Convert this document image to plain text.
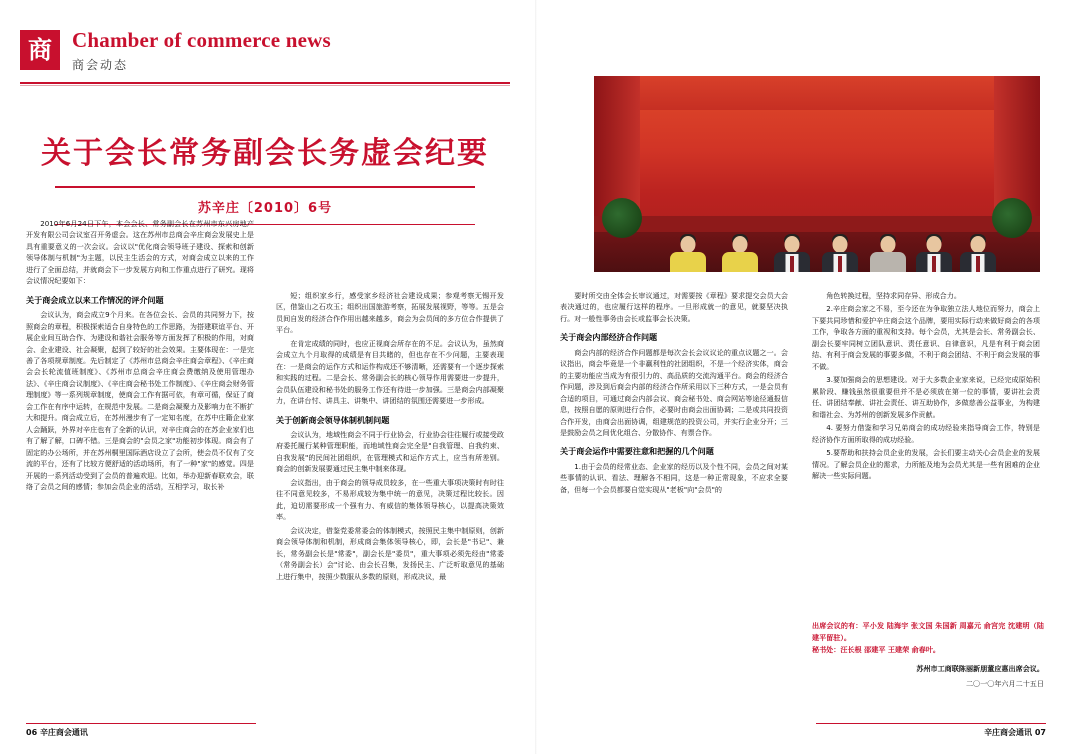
商 Chamber of commerce news
商会动态
关于会长常务副会长务虚会纪要
苏辛庄〔2010〕6号

2010年6月24日下午，本会会长、常务副会长在苏州市东兴房地产开发有限公司会议室召开务虚会。这在苏州市总商会辛庄商会发展史上是具有重要意义的一次会议。会议以"优化商会领导班子建设、探索和创新领导体制与机制"为主题，以民主生活会的方式，对商会成立以来的工作进行了全面总结，并就商会下一步发展方向和工作重点进行了研究。现将会议情况纪要如下：

关于商会成立以来工作情况的评介问题

会议认为，商会成立9个月来。在各位会长、会员的共同努力下，按照商会的章程，积极探索适合自身特色的工作思路，为搭建联谊平台、开展企业间互助合作、为建设和谐社会服务等方面发挥了积极的作用，对商会、企业建设、社会凝聚，起到了较好的社会效果。主要体现在：一是完善了各项规章制度。先后制定了《苏州市总商会辛庄商会章程》、《辛庄商会会长轮流值班制度》、《苏州市总商会辛庄商会费缴纳及使用管理办法》、《辛庄商会议制度》、《辛庄商会秘书处工作制度》、《辛庄商会财务管理制度》等一系列规章制度，使商会工作有据可依，有章可循，保证了商会工作在有序中运转，在规范中发展。二是商会凝聚力及影响力在不断扩大和提升。商会成立后，在苏州漫步有了一定知名度，在苏中庄籍企业家人会踊跃，外界对辛庄也有了全新的认识，对辛庄商会的在苏企业家们也有了解了解，口碑不错。三是商会的"会员之家"功能初步体现。商会有了固定的办公场所，并在苏州桐里国际酒店设立了会所，使会员不仅有了交流的平台，还有了比较方便舒适的活动场所，有了一种"家"的感觉。四是开展的一系列活动受到了会员的普遍欢迎。比如，举办迎新春联欢会，联络了会员之间的感情；参加会员企业的活动，互相学习，取长补

短；组织家乡行，感受家乡经济社会建设成果；参观考察无锡开发区，借鉴山之石攻玉；组织出国旅游考察，拓展发展视野，等等。五是会员间自发的经济合作作用出越来越多，商会为会员间的多方位合作提供了平台。

在肯定成绩的同时，也应正视商会所存在的不足。会议认为，虽然商会成立九个月取得的成绩是有目共睹的，但也存在不少问题，主要表现在：一是商会的运作方式和运作构成还不够清晰，还需要有一个逐步探索和实践的过程。二是会长、常务副会长的核心领导作用需要进一步提升，会员队伍建设和秘书处的服务工作还有待进一步加强。三是商会内部凝聚力，在讲台忖、讲具主、讲集中、讲团结的氛围还需要进一步形成。

关于创新商会领导体制机制问题

会议认为，地域性商会不同于行业协会，行业协会往往履行或接受政府委托履行某种管理职能，而地域性商会完全是"自我管理、自我约束、自我发展"的民间社团组织，在管理模式和运作方式上，应当有所差别。商会的创新发展要通过民主集中制来体现。

会议指出，由于商会的领导成员较多，在一些重大事项决策时有时往往不同意见较多，不易形成较为集中统一的意见，决策过程比较长。因此，迫切需要形成一个强有力、有威信的集体领导核心，以提高决策效率。

会议决定，借鉴党委常委会的体制模式，按照民主集中制原则，创新商会领导体制和机制，形成商会集体领导核心，即，会长是"书记"、兼长，常务副会长是"常委"，副会长是"委员"，重大事项必须先经由"常委（常务副会长）会"讨论、由会长召集，发扬民主、广泛听取意见的基础上进行集中，按照少数服从多数的原则，形成决议，最

要时所交由全体会长审议通过，对需要按《章程》要求提交会员大会表决通过的，也应履行这样的程序。一旦形成就一的意见，就要坚决执行。对一般性事务由会长或监事会长决策。

关于商会内部经济合作问题

商会内部的经济合作问题都是每次会长会议议论的重点议题之一。会议指出，商会毕竟是一个非赢利性的社团组织，不是一个经济实体，商会的主要功能应当成为有很引力的、高品质的交流沟通平台。商会的经济合作问题，涉及到后商会内部的经济合作所采用以下三种方式，一是会员有合适的项目，可通过商会内部会议、商会秘书处、商会网站等途径通报信息，按照自愿的原则进行合作，必要时由商会出面协调；二是或共同投资合作开发，由商会出面协调，组建规范的投资公司，并实行企业分开；三是鼓励会员之间优化组合、分散协作、有票合作。

关于商会运作中需要注意和把握的几个问题

1.由于会员的经常业态、企业家的经历以及个性不同，会员之间对某些事情的认识、看法、理解各不相同，这是一种正常现象，不应求全要备，但每一个会员都要自觉实现从"老板"向"会员"的

角色转换过程，坚持求同存异、形成合力。

2.辛庄商会家之不易，至今还在为争取独立法人地位而努力，商会上下要共同珍惜和爱护辛庄商会这个品牌，要用实际行动来做好商会的各项工作，争取各方面的重视和支持。每个会员，尤其是会长、常务副会长、副会长要牢同树立团队意识、责任意识、自律意识，凡是有利于商会团结、有利于商会发展的事要多做，不利于商会团结、不利于商会发展的事不做。

3.要加强商会的思想建设。对于大多数企业家来说，已经完成原始积累阶段、赚钱虽然很重要但并不是必须放在第一位的事情，要讲社会责任、讲团结奉献、讲社会责任、讲互助协作，多做慈善公益事业，为构建和谐社会、为苏州的创新发展多作贡献。

4. 要努力借鉴和学习兄弟商会的成功经验来指导商会工作，特别是经济协作方面所取得的成功经验。

5.要帮助和扶持会员企业的发展，会长们要主动关心会员企业的发展情况。了解会员企业的需求，力所能及地为会员尤其是一些有困难的企业解决一些实际问题。

出席会议的有：平小发 陆海宇 张文国 朱国新 周嘉元 俞宫完 沈建明（陆建平留驻）。
秘书处：汪长根 邵建平 王建荣 俞春叶。
苏州市工商联陈丽新朋董应惠出席会议。
二〇一〇年六月二十五日
06 辛庄商会通讯	辛庄商会通讯 07
